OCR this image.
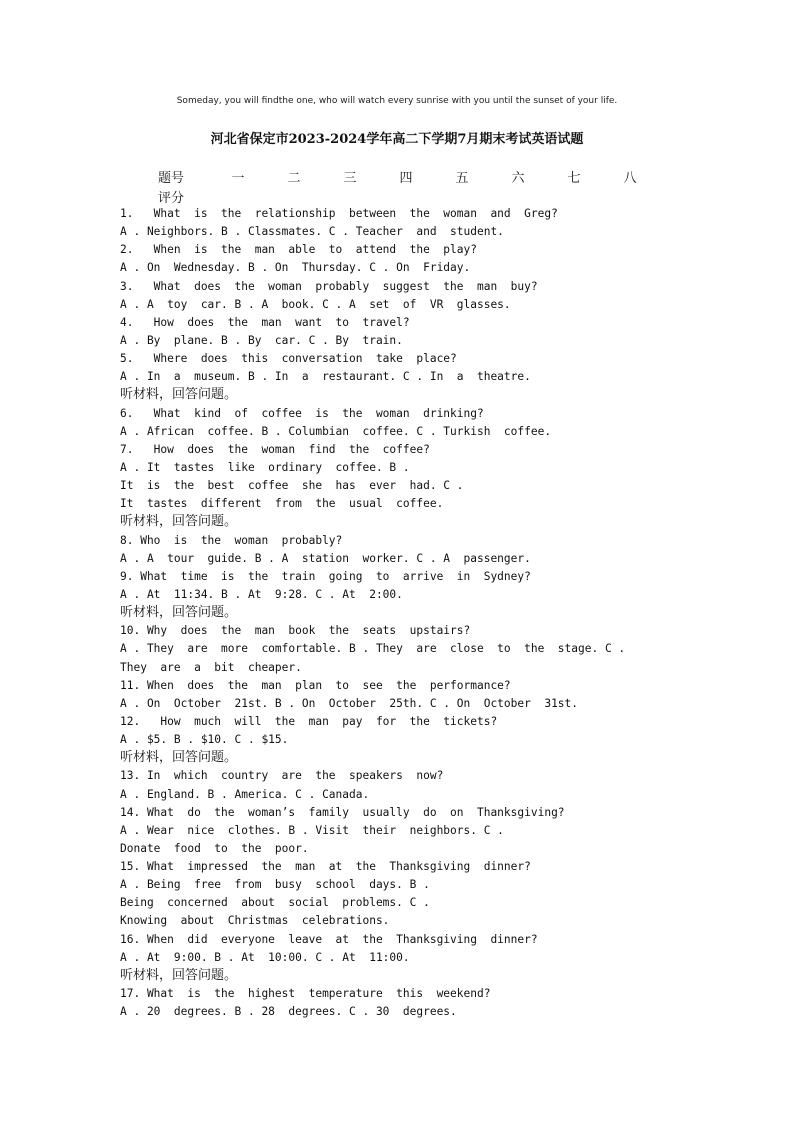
Someday, you will findthe one, who will watch every sunrise with you until the sunset of your life.
河北省保定市2023-2024学年高二下学期7月期末考试英语试题
题号	一	二	三	四	五	六	七	八
评分
1.   What  is  the  relationship  between  the  woman  and  Greg?
A . Neighbors. B . Classmates. C . Teacher  and  student.
2.   When  is  the  man  able  to  attend  the  play?
A . On  Wednesday. B . On  Thursday. C . On  Friday.
3.   What  does  the  woman  probably  suggest  the  man  buy?
A . A  toy  car. B . A  book. C . A  set  of  VR  glasses.
4.   How  does  the  man  want  to  travel?
A . By  plane. B . By  car. C . By  train.
5.   Where  does  this  conversation  take  place?
A . In  a  museum. B . In  a  restaurant. C . In  a  theatre.
听材料，回答问题。
6.   What  kind  of  coffee  is  the  woman  drinking?
A . African  coffee. B . Columbian  coffee. C . Turkish  coffee.
7.   How  does  the  woman  find  the  coffee?
A . It  tastes  like  ordinary  coffee. B .
It  is  the  best  coffee  she  has  ever  had. C .
It  tastes  different  from  the  usual  coffee.
听材料，回答问题。
8. Who  is  the  woman  probably?
A . A  tour  guide. B . A  station  worker. C . A  passenger.
9. What  time  is  the  train  going  to  arrive  in  Sydney?
A . At  11:34. B . At  9:28. C . At  2:00.
听材料，回答问题。
10. Why  does  the  man  book  the  seats  upstairs?
A . They  are  more  comfortable. B . They  are  close  to  the  stage. C .
They  are  a  bit  cheaper.
11. When  does  the  man  plan  to  see  the  performance?
A . On  October  21st. B . On  October  25th. C . On  October  31st.
12.   How  much  will  the  man  pay  for  the  tickets?
A . $5. B . $10. C . $15.
听材料，回答问题。
13. In  which  country  are  the  speakers  now?
A . England. B . America. C . Canada.
14. What  do  the  woman’s  family  usually  do  on  Thanksgiving?
A . Wear  nice  clothes. B . Visit  their  neighbors. C .
Donate  food  to  the  poor.
15. What  impressed  the  man  at  the  Thanksgiving  dinner?
A . Being  free  from  busy  school  days. B .
Being  concerned  about  social  problems. C .
Knowing  about  Christmas  celebrations.
16. When  did  everyone  leave  at  the  Thanksgiving  dinner?
A . At  9:00. B . At  10:00. C . At  11:00.
听材料，回答问题。
17. What  is  the  highest  temperature  this  weekend?
A . 20  degrees. B . 28  degrees. C . 30  degrees.
